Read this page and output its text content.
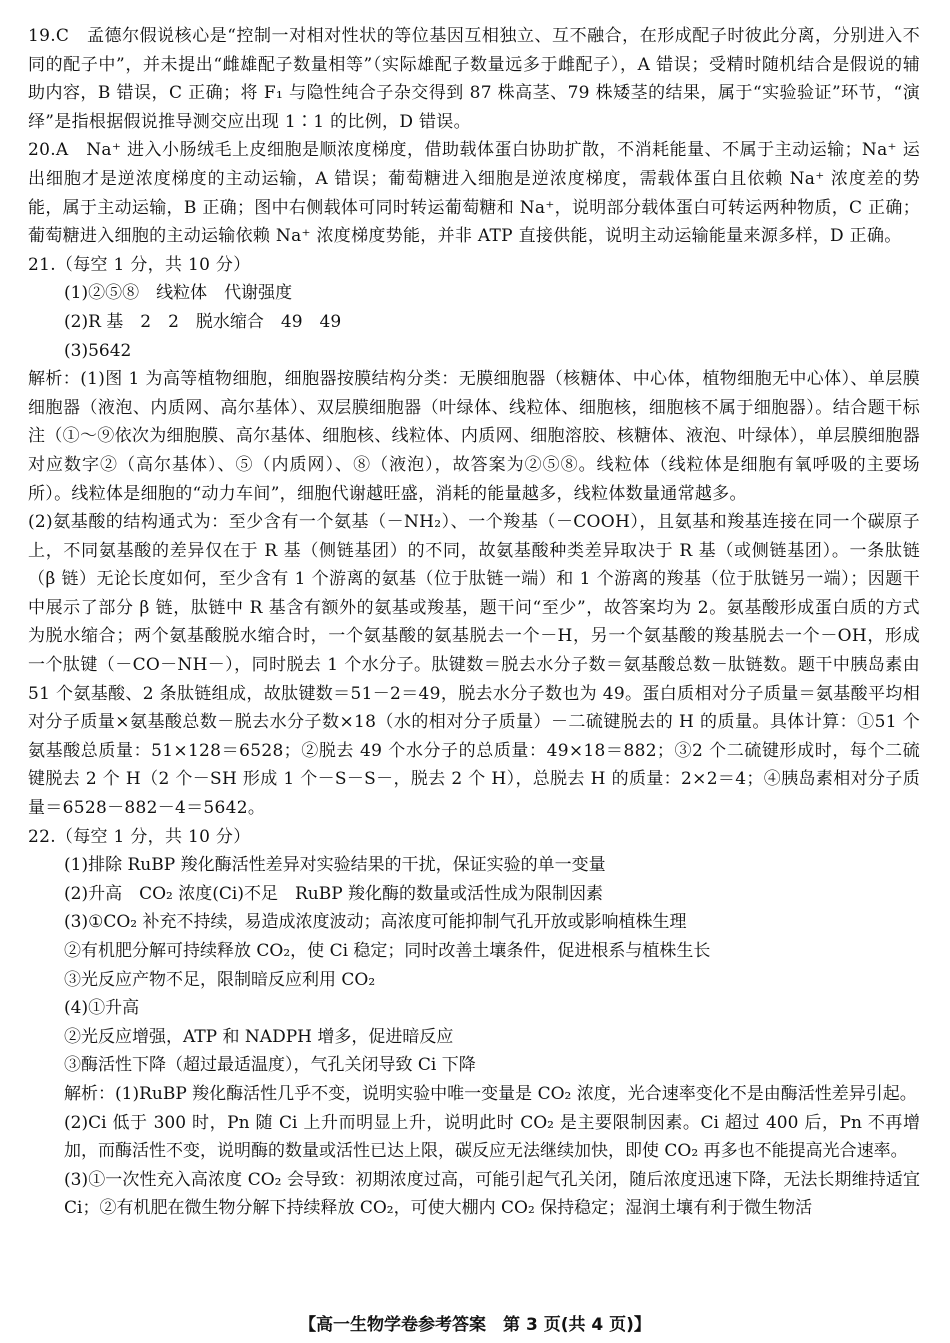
19.C　孟德尔假说核心是“控制一对相对性状的等位基因互相独立、互不融合，在形成配子时彼此分离，分别进入不同的配子中”，并未提出“雌雄配子数量相等”（实际雄配子数量远多于雌配子），A 错误；受精时随机结合是假说的辅助内容，B 错误，C 正确；将 F₁ 与隐性纯合子杂交得到 87 株高茎、79 株矮茎的结果，属于“实验验证”环节，“演绎”是指根据假说推导测交应出现 1∶1 的比例，D 错误。

20.A　Na⁺ 进入小肠绒毛上皮细胞是顺浓度梯度，借助载体蛋白协助扩散，不消耗能量、不属于主动运输；Na⁺ 运出细胞才是逆浓度梯度的主动运输，A 错误；葡萄糖进入细胞是逆浓度梯度，需载体蛋白且依赖 Na⁺ 浓度差的势能，属于主动运输，B 正确；图中右侧载体可同时转运葡萄糖和 Na⁺，说明部分载体蛋白可转运两种物质，C 正确；葡萄糖进入细胞的主动运输依赖 Na⁺ 浓度梯度势能，并非 ATP 直接供能，说明主动运输能量来源多样，D 正确。

21.（每空 1 分，共 10 分）

(1)②⑤⑧　线粒体　代谢强度

(2)R 基　2　2　脱水缩合　49　49

(3)5642

解析：(1)图 1 为高等植物细胞，细胞器按膜结构分类：无膜细胞器（核糖体、中心体，植物细胞无中心体）、单层膜细胞器（液泡、内质网、高尔基体）、双层膜细胞器（叶绿体、线粒体、细胞核，细胞核不属于细胞器）。结合题干标注（①～⑨依次为细胞膜、高尔基体、细胞核、线粒体、内质网、细胞溶胶、核糖体、液泡、叶绿体），单层膜细胞器对应数字②（高尔基体）、⑤（内质网）、⑧（液泡），故答案为②⑤⑧。线粒体（线粒体是细胞有氧呼吸的主要场所）。线粒体是细胞的“动力车间”，细胞代谢越旺盛，消耗的能量越多，线粒体数量通常越多。

(2)氨基酸的结构通式为：至少含有一个氨基（－NH₂）、一个羧基（－COOH），且氨基和羧基连接在同一个碳原子上，不同氨基酸的差异仅在于 R 基（侧链基团）的不同，故氨基酸种类差异取决于 R 基（或侧链基团）。一条肽链（β 链）无论长度如何，至少含有 1 个游离的氨基（位于肽链一端）和 1 个游离的羧基（位于肽链另一端）；因题干中展示了部分 β 链，肽链中 R 基含有额外的氨基或羧基，题干问“至少”，故答案均为 2。氨基酸形成蛋白质的方式为脱水缩合；两个氨基酸脱水缩合时，一个氨基酸的氨基脱去一个－H，另一个氨基酸的羧基脱去一个－OH，形成一个肽键（－CO－NH－），同时脱去 1 个水分子。肽键数＝脱去水分子数＝氨基酸总数－肽链数。题干中胰岛素由 51 个氨基酸、2 条肽链组成，故肽键数＝51－2＝49，脱去水分子数也为 49。蛋白质相对分子质量＝氨基酸平均相对分子质量×氨基酸总数－脱去水分子数×18（水的相对分子质量）－二硫键脱去的 H 的质量。具体计算：①51 个氨基酸总质量：51×128＝6528；②脱去 49 个水分子的总质量：49×18＝882；③2 个二硫键形成时，每个二硫键脱去 2 个 H（2 个－SH 形成 1 个－S－S－，脱去 2 个 H），总脱去 H 的质量：2×2＝4；④胰岛素相对分子质量＝6528－882－4＝5642。

22.（每空 1 分，共 10 分）

(1)排除 RuBP 羧化酶活性差异对实验结果的干扰，保证实验的单一变量

(2)升高　CO₂ 浓度(Ci)不足　RuBP 羧化酶的数量或活性成为限制因素

(3)①CO₂ 补充不持续，易造成浓度波动；高浓度可能抑制气孔开放或影响植株生理

②有机肥分解可持续释放 CO₂，使 Ci 稳定；同时改善土壤条件，促进根系与植株生长

③光反应产物不足，限制暗反应利用 CO₂

(4)①升高

②光反应增强，ATP 和 NADPH 增多，促进暗反应

③酶活性下降（超过最适温度），气孔关闭导致 Ci 下降

解析：(1)RuBP 羧化酶活性几乎不变，说明实验中唯一变量是 CO₂ 浓度，光合速率变化不是由酶活性差异引起。

(2)Ci 低于 300 时，Pn 随 Ci 上升而明显上升，说明此时 CO₂ 是主要限制因素。Ci 超过 400 后，Pn 不再增加，而酶活性不变，说明酶的数量或活性已达上限，碳反应无法继续加快，即使 CO₂ 再多也不能提高光合速率。

(3)①一次性充入高浓度 CO₂ 会导致：初期浓度过高，可能引起气孔关闭，随后浓度迅速下降，无法长期维持适宜 Ci；②有机肥在微生物分解下持续释放 CO₂，可使大棚内 CO₂ 保持稳定；湿润土壤有利于微生物活

【高一生物学卷参考答案　第 3 页(共 4 页)】
